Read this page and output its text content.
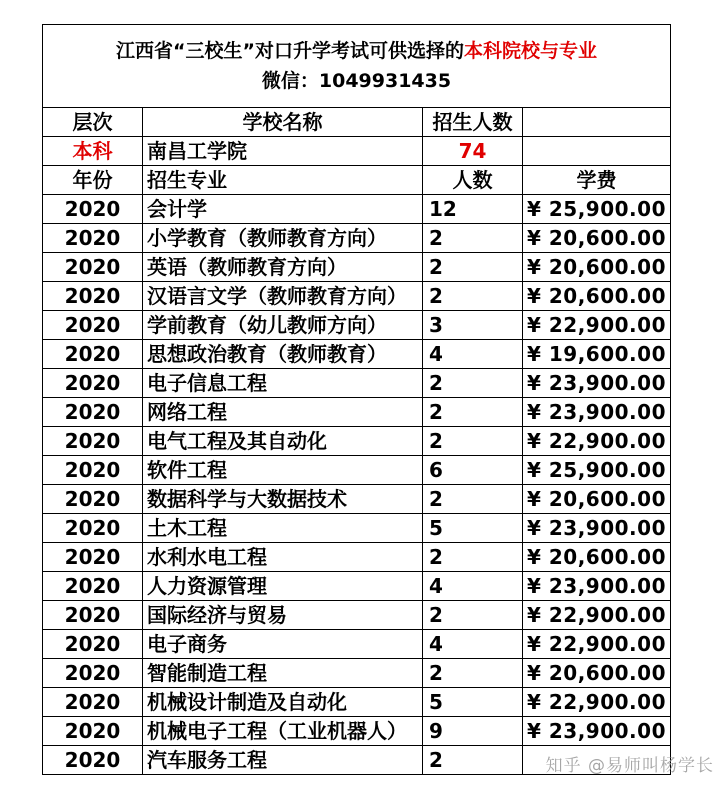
江西省“三校生”对口升学考试可供选择的本科院校与专业
微信：1049931435			

层次	学校名称	招生人数	
本科	南昌工学院	74	
年份	招生专业	人数	学费
2020	会计学	12	¥ 25,900.00
2020	小学教育（教师教育方向）	2	¥ 20,600.00
2020	英语（教师教育方向）	2	¥ 20,600.00
2020	汉语言文学（教师教育方向）	2	¥ 20,600.00
2020	学前教育（幼儿教师方向）	3	¥ 22,900.00
2020	思想政治教育（教师教育）	4	¥ 19,600.00
2020	电子信息工程	2	¥ 23,900.00
2020	网络工程	2	¥ 23,900.00
2020	电气工程及其自动化	2	¥ 22,900.00
2020	软件工程	6	¥ 25,900.00
2020	数据科学与大数据技术	2	¥ 20,600.00
2020	土木工程	5	¥ 23,900.00
2020	水利水电工程	2	¥ 20,600.00
2020	人力资源管理	4	¥ 23,900.00
2020	国际经济与贸易	2	¥ 22,900.00
2020	电子商务	4	¥ 22,900.00
2020	智能制造工程	2	¥ 20,600.00
2020	机械设计制造及自动化	5	¥ 22,900.00
2020	机械电子工程（工业机器人）	9	¥ 23,900.00
2020	汽车服务工程	2		知乎 @易师叫杨学长
